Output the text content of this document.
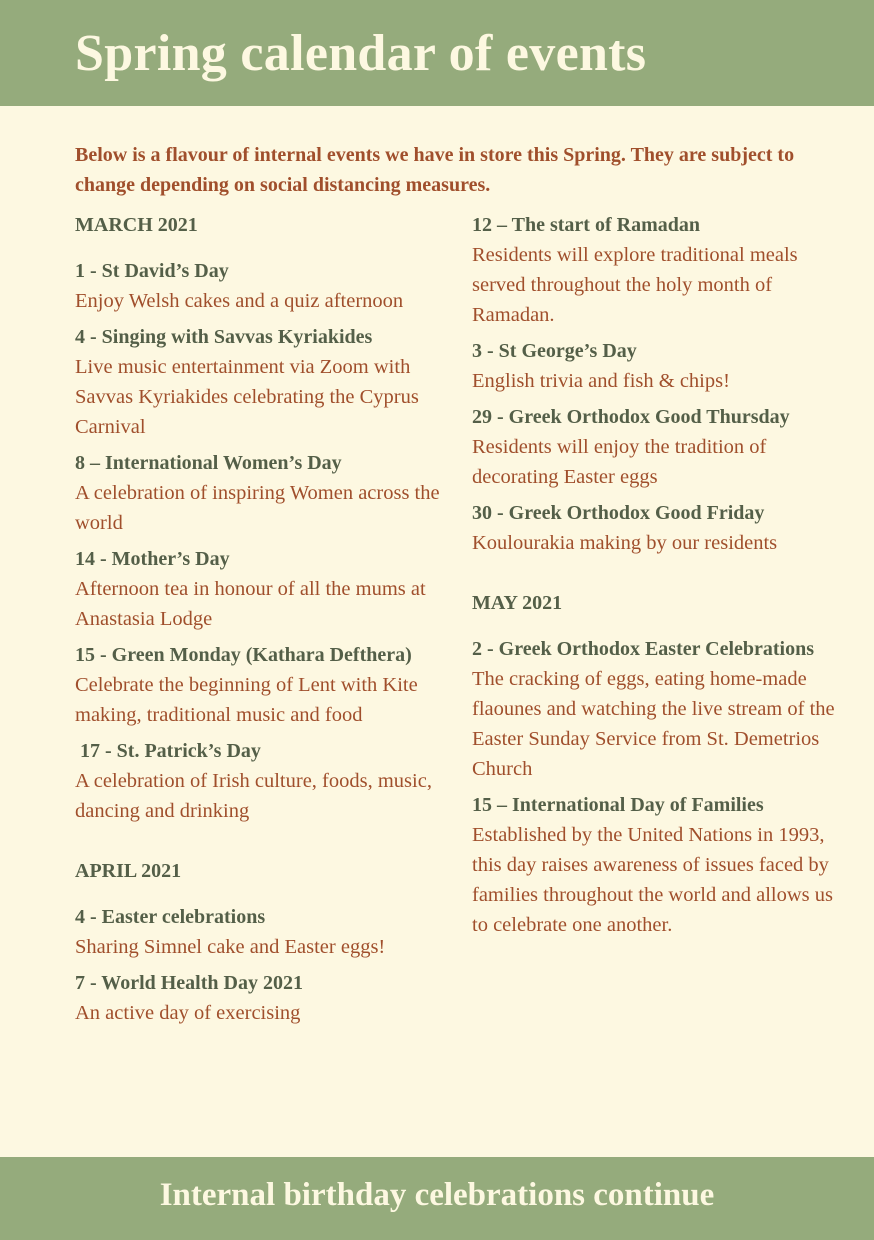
Spring calendar of events

Below is a flavour of internal events we have in store this Spring. They are subject to change depending on social distancing measures.

MARCH 2021
1 - St David’s Day
Enjoy Welsh cakes and a quiz afternoon
4 - Singing with Savvas Kyriakides
Live music entertainment via Zoom with Savvas Kyriakides celebrating the Cyprus Carnival
8 – International Women’s Day
A celebration of inspiring Women across the world
14 - Mother’s Day
Afternoon tea in honour of all the mums at Anastasia Lodge
15 - Green Monday (Kathara Defthera)
Celebrate the beginning of Lent with Kite making, traditional music and food
17 - St. Patrick’s Day
A celebration of Irish culture, foods, music, dancing and drinking
APRIL 2021
4 - Easter celebrations
Sharing Simnel cake and Easter eggs!
7 - World Health Day 2021
An active day of exercising
12 – The start of Ramadan
Residents will explore traditional meals served throughout the holy month of Ramadan.
3 - St George’s Day
English trivia and fish & chips!
29 - Greek Orthodox Good Thursday
Residents will enjoy the tradition of decorating Easter eggs
30 - Greek Orthodox Good Friday
Koulourakia making by our residents
MAY 2021
2 - Greek Orthodox Easter Celebrations
The cracking of eggs, eating home-made flaounes and watching the live stream of the Easter Sunday Service from St. Demetrios Church
15 – International Day of Families
Established by the United Nations in 1993, this day raises awareness of issues faced by families throughout the world and allows us to celebrate one another.
Internal birthday celebrations continue
